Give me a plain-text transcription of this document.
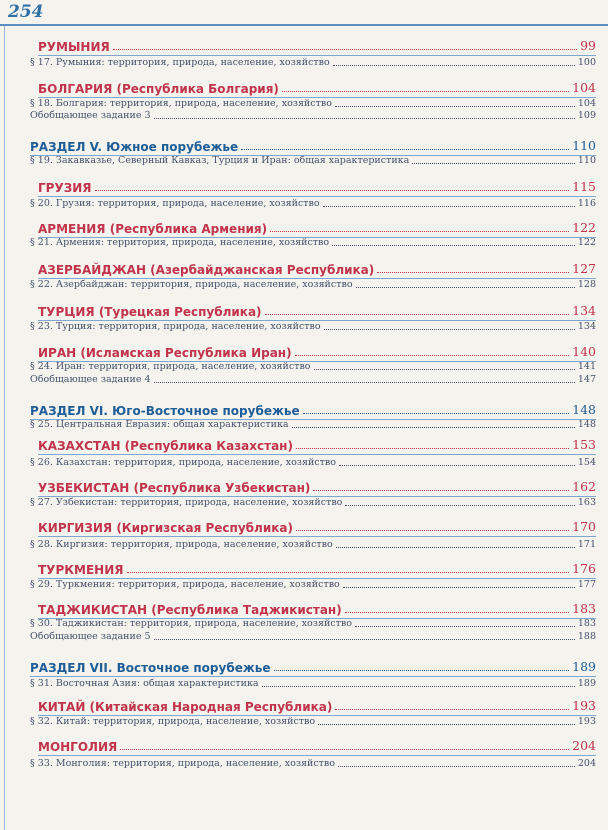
254
РУМЫНИЯ	99
§ 17. Румыния: территория, природа, население, хозяйство	100
БОЛГАРИЯ (Республика Болгария)	104
§ 18. Болгария: территория, природа, население, хозяйство	104
Обобщающее задание 3	109
РАЗДЕЛ V. Южное порубежье	110
§ 19. Закавказье, Северный Кавказ, Турция и Иран: общая характеристика	110
ГРУЗИЯ	115
§ 20. Грузия: территория, природа, население, хозяйство	116
АРМЕНИЯ (Республика Армения)	122
§ 21. Армения: территория, природа, население, хозяйство	122
АЗЕРБАЙДЖАН (Азербайджанская Республика)	127
§ 22. Азербайджан: территория, природа, население, хозяйство	128
ТУРЦИЯ (Турецкая Республика)	134
§ 23. Турция: территория, природа, население, хозяйство	134
ИРАН (Исламская Республика Иран)	140
§ 24. Иран: территория, природа, население, хозяйство	141
Обобщающее задание 4	147
РАЗДЕЛ VI. Юго-Восточное порубежье	148
§ 25. Центральная Евразия: общая характеристика	148
КАЗАХСТАН (Республика Казахстан)	153
§ 26. Казахстан: территория, природа, население, хозяйство	154
УЗБЕКИСТАН (Республика Узбекистан)	162
§ 27. Узбекистан: территория, природа, население, хозяйство	163
КИРГИЗИЯ (Киргизская Республика)	170
§ 28. Киргизия: территория, природа, население, хозяйство	171
ТУРКМЕНИЯ	176
§ 29. Туркмения: территория, природа, население, хозяйство	177
ТАДЖИКИСТАН (Республика Таджикистан)	183
§ 30. Таджикистан: территория, природа, население, хозяйство	183
Обобщающее задание 5	188
РАЗДЕЛ VII. Восточное порубежье	189
§ 31. Восточная Азия: общая характеристика	189
КИТАЙ (Китайская Народная Республика)	193
§ 32. Китай: территория, природа, население, хозяйство	193
МОНГОЛИЯ	204
§ 33. Монголия: территория, природа, население, хозяйство	204
